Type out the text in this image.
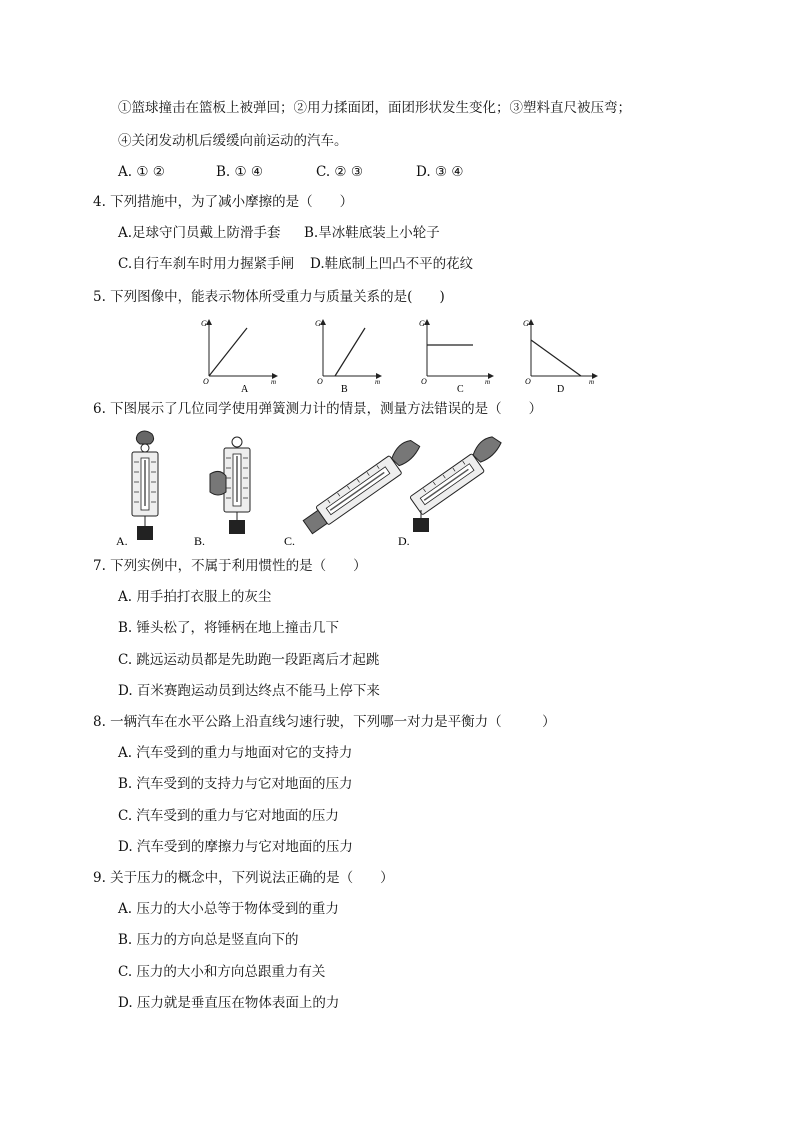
①篮球撞击在篮板上被弹回；②用力揉面团，面团形状发生变化；③塑料直尺被压弯；
④关闭发动机后缓缓向前运动的汽车。
A. ① ②	B. ① ④	C. ② ③	D. ③ ④
4. 下列措施中，为了减小摩擦的是（　　）
A.足球守门员戴上防滑手套 B.旱冰鞋底装上小轮子
C.自行车刹车时用力握紧手闸 D.鞋底制上凹凸不平的花纹
5. 下列图像中，能表示物体所受重力与质量关系的是(　　)
G
O	m
A
G
O	m
B
G
O	m
C
G
O	m
D
6. 下图展示了几位同学使用弹簧测力计的情景，测量方法错误的是（　　）
A.	B.	C.	D.
7. 下列实例中，不属于利用惯性的是（　　）
A. 用手拍打衣服上的灰尘
B. 锤头松了，将锤柄在地上撞击几下
C. 跳远运动员都是先助跑一段距离后才起跳
D. 百米赛跑运动员到达终点不能马上停下来
8. 一辆汽车在水平公路上沿直线匀速行驶，下列哪一对力是平衡力（　　　）
A. 汽车受到的重力与地面对它的支持力
B. 汽车受到的支持力与它对地面的压力
C. 汽车受到的重力与它对地面的压力
D. 汽车受到的摩擦力与它对地面的压力
9. 关于压力的概念中，下列说法正确的是（　　）
A. 压力的大小总等于物体受到的重力
B. 压力的方向总是竖直向下的
C. 压力的大小和方向总跟重力有关
D. 压力就是垂直压在物体表面上的力
